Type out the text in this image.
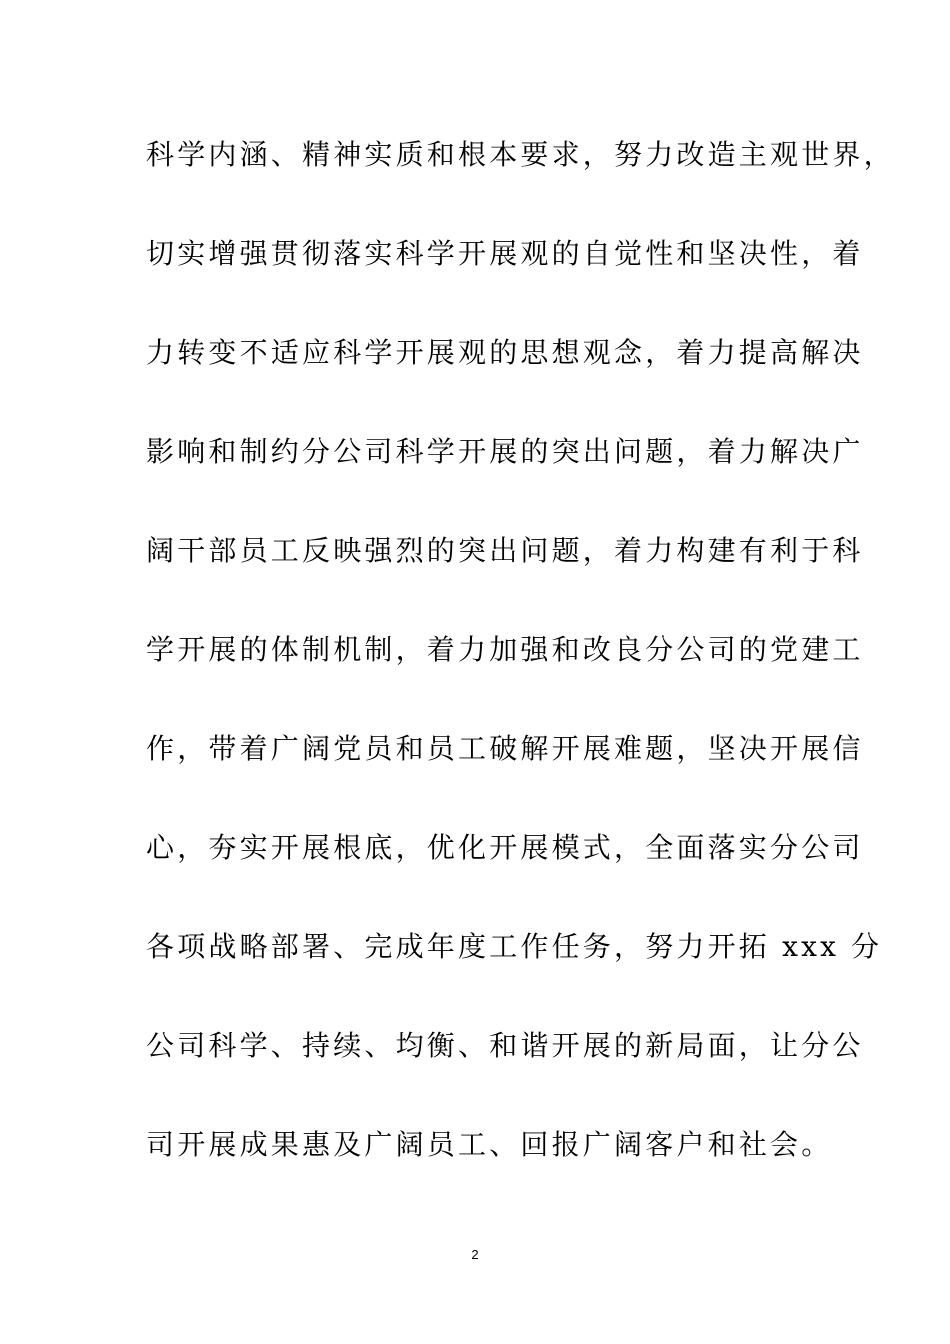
科学内涵、精神实质和根本要求，努力改造主观世界，
切实增强贯彻落实科学开展观的自觉性和坚决性，着
力转变不适应科学开展观的思想观念，着力提高解决
影响和制约分公司科学开展的突出问题，着力解决广
阔干部员工反映强烈的突出问题，着力构建有利于科
学开展的体制机制，着力加强和改良分公司的党建工
作，带着广阔党员和员工破解开展难题，坚决开展信
心，夯实开展根底，优化开展模式，全面落实分公司
各项战略部署、完成年度工作任务，努力开拓 xxx 分
公司科学、持续、均衡、和谐开展的新局面，让分公
司开展成果惠及广阔员工、回报广阔客户和社会。
2
